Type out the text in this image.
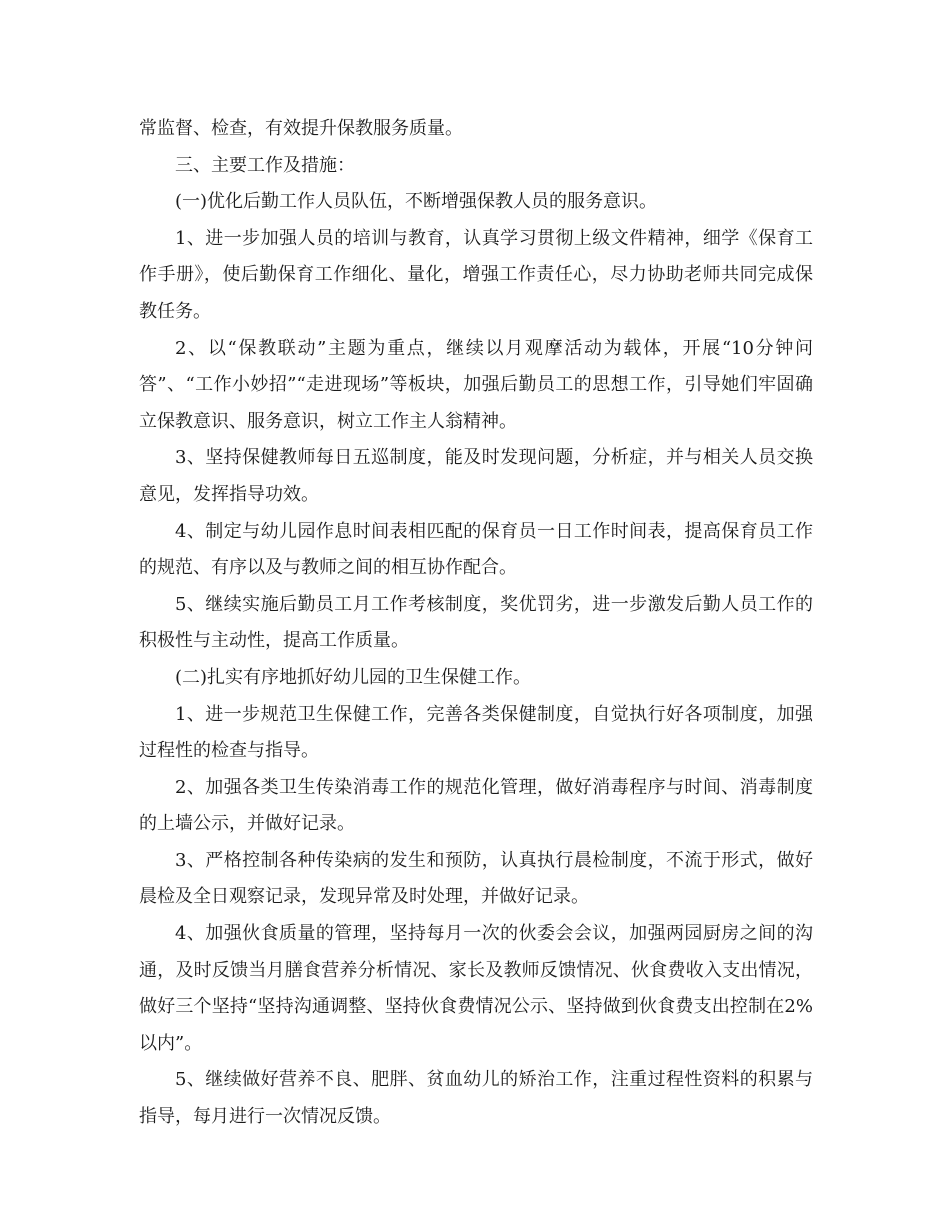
常监督、检查，有效提升保教服务质量。

三、主要工作及措施：

(一)优化后勤工作人员队伍，不断增强保教人员的服务意识。

1、进一步加强人员的培训与教育，认真学习贯彻上级文件精神，细学《保育工作手册》，使后勤保育工作细化、量化，增强工作责任心，尽力协助老师共同完成保教任务。

2、以“保教联动”主题为重点，继续以月观摩活动为载体，开展“10分钟问答”、“工作小妙招”“走进现场”等板块，加强后勤员工的思想工作，引导她们牢固确立保教意识、服务意识，树立工作主人翁精神。

3、坚持保健教师每日五巡制度，能及时发现问题，分析症，并与相关人员交换意见，发挥指导功效。

4、制定与幼儿园作息时间表相匹配的保育员一日工作时间表，提高保育员工作的规范、有序以及与教师之间的相互协作配合。

5、继续实施后勤员工月工作考核制度，奖优罚劣，进一步激发后勤人员工作的积极性与主动性，提高工作质量。

(二)扎实有序地抓好幼儿园的卫生保健工作。

1、进一步规范卫生保健工作，完善各类保健制度，自觉执行好各项制度，加强过程性的检查与指导。

2、加强各类卫生传染消毒工作的规范化管理，做好消毒程序与时间、消毒制度的上墙公示，并做好记录。

3、严格控制各种传染病的发生和预防，认真执行晨检制度，不流于形式，做好晨检及全日观察记录，发现异常及时处理，并做好记录。

4、加强伙食质量的管理，坚持每月一次的伙委会会议，加强两园厨房之间的沟通，及时反馈当月膳食营养分析情况、家长及教师反馈情况、伙食费收入支出情况，做好三个坚持“坚持沟通调整、坚持伙食费情况公示、坚持做到伙食费支出控制在2%以内”。

5、继续做好营养不良、肥胖、贫血幼儿的矫治工作，注重过程性资料的积累与指导，每月进行一次情况反馈。
